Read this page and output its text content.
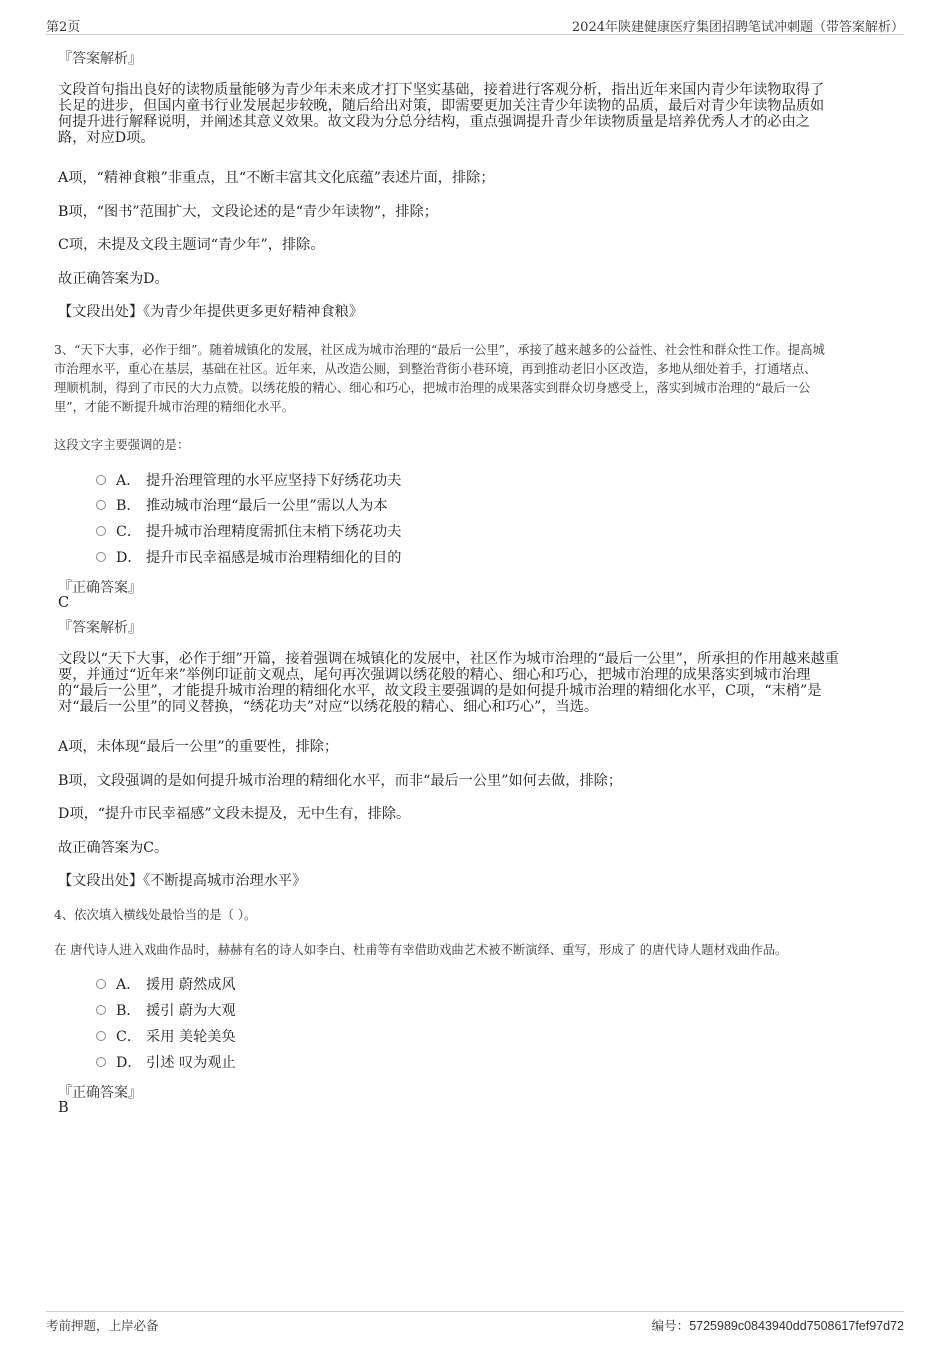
第2页	2024年陕建健康医疗集团招聘笔试冲刺题（带答案解析）
『答案解析』
文段首句指出良好的读物质量能够为青少年未来成才打下坚实基础，接着进行客观分析，指出近年来国内青少年读物取得了
长足的进步，但国内童书行业发展起步较晚，随后给出对策，即需要更加关注青少年读物的品质，最后对青少年读物品质如
何提升进行解释说明，并阐述其意义效果。故文段为分总分结构，重点强调提升青少年读物质量是培养优秀人才的必由之
路，对应D项。
A项，“精神食粮”非重点，且“不断丰富其文化底蕴”表述片面，排除；
B项，“图书”范围扩大，文段论述的是“青少年读物”，排除；
C项，未提及文段主题词“青少年”，排除。
故正确答案为D。
【文段出处】《为青少年提供更多更好精神食粮》
3、“天下大事，必作于细”。随着城镇化的发展，社区成为城市治理的“最后一公里”，承接了越来越多的公益性、社会性和群众性工作。提高城
市治理水平，重心在基层，基础在社区。近年来，从改造公厕，到整治背街小巷环境，再到推动老旧小区改造，多地从细处着手，打通堵点、
理顺机制，得到了市民的大力点赞。以绣花般的精心、细心和巧心，把城市治理的成果落实到群众切身感受上，落实到城市治理的“最后一公
里”，才能不断提升城市治理的精细化水平。
这段文字主要强调的是：
A． 提升治理管理的水平应坚持下好绣花功夫
B． 推动城市治理“最后一公里”需以人为本
C． 提升城市治理精度需抓住末梢下绣花功夫
D． 提升市民幸福感是城市治理精细化的目的
『正确答案』
C
『答案解析』
文段以“天下大事，必作于细”开篇，接着强调在城镇化的发展中，社区作为城市治理的“最后一公里”，所承担的作用越来越重
要，并通过“近年来”举例印证前文观点，尾句再次强调以绣花般的精心、细心和巧心，把城市治理的成果落实到城市治理
的“最后一公里”，才能提升城市治理的精细化水平，故文段主要强调的是如何提升城市治理的精细化水平，C项，“末梢”是
对“最后一公里”的同义替换，“绣花功夫”对应“以绣花般的精心、细心和巧心”，当选。
A项，未体现“最后一公里”的重要性，排除；
B项，文段强调的是如何提升城市治理的精细化水平，而非“最后一公里”如何去做，排除；
D项，“提升市民幸福感”文段未提及，无中生有，排除。
故正确答案为C。
【文段出处】《不断提高城市治理水平》
4、依次填入横线处最恰当的是（ ）。
在 唐代诗人进入戏曲作品时，赫赫有名的诗人如李白、杜甫等有幸借助戏曲艺术被不断演绎、重写，形成了 的唐代诗人题材戏曲作品。
A． 援用 蔚然成风
B． 援引 蔚为大观
C． 采用 美轮美奂
D． 引述 叹为观止
『正确答案』
B
考前押题，上岸必备	编号：5725989c0843940dd7508617fef97d72
